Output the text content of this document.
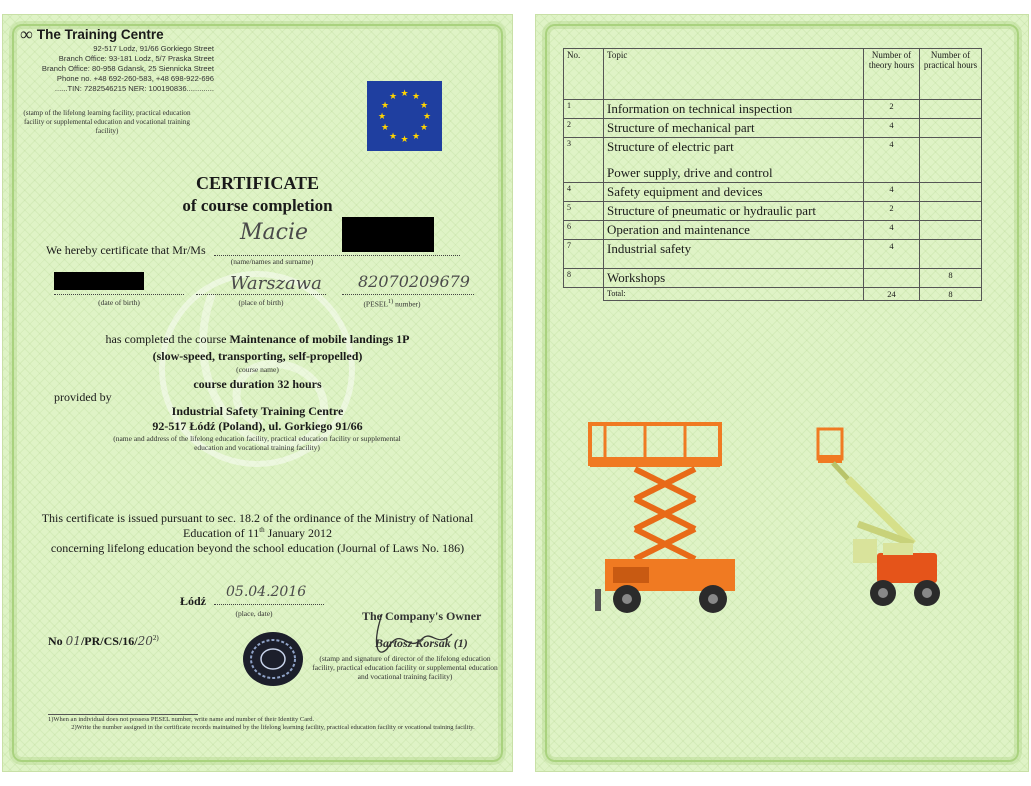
∞ The Training Centre
92-517 Lodz, 91/66 Gorkiego Street
Branch Office: 93-181 Lodz, 5/7 Praska Street
Branch Office: 80-958 Gdansk, 25 Siennicka Street
Phone no. +48 692-260-583, +48 698-922-696
......TIN: 7282546215 NER: 100190836.............
(stamp of the lifelong learning facility, practical education facility or supplemental education and vocational training facility)
★ ★
★
★
★
★
★
★
★
★
★
★
CERTIFICATE
of course completion
We hereby certificate that Mr/Ms
Macie
(name/names and surname)
(date of birth)
Warszawa
(place of birth)
82070209679
(PESEL$^{1)}$ number)
has completed the course Maintenance of mobile landings 1P
(slow-speed, transporting, self-propelled)
(course name)
course duration 32 hours
provided by
Industrial Safety Training Centre
92-517 Łódź (Poland), ul. Gorkiego 91/66
(name and address of the lifelong education facility, practical education facility or supplemental education and vocational training facility)
This certificate is issued pursuant to sec. 18.2 of the ordinance of the Ministry of National
Education of 11th January 2012
concerning lifelong education beyond the school education (Journal of Laws No. 186)
Łódź
05.04.2016
(place, date)
No 01/PR/CS/16/20$^{2)}$
The Company's Owner
Bartosz Korsak (1)
(stamp and signature of director of the lifelong education facility, practical education facility or supplemental education and vocational training facility)
1)When an individual does not possess PESEL number, write name and number of their Identity Card.
2)Write the number assigned in the certificate records maintained by the lifelong learning facility, practical education facility or vocational training facility.
No.	Topic	Number of theory hours	Number of practical hours
1	Information on technical inspection	2	
2	Structure of mechanical part	4	
3	Structure of electric part
Power supply, drive and control	4	
4	Safety equipment and devices	4	
5	Structure of pneumatic or hydraulic part	2	
6	Operation and maintenance	4	
7	Industrial safety	4	
8	Workshops		8
	Total:	24	8
